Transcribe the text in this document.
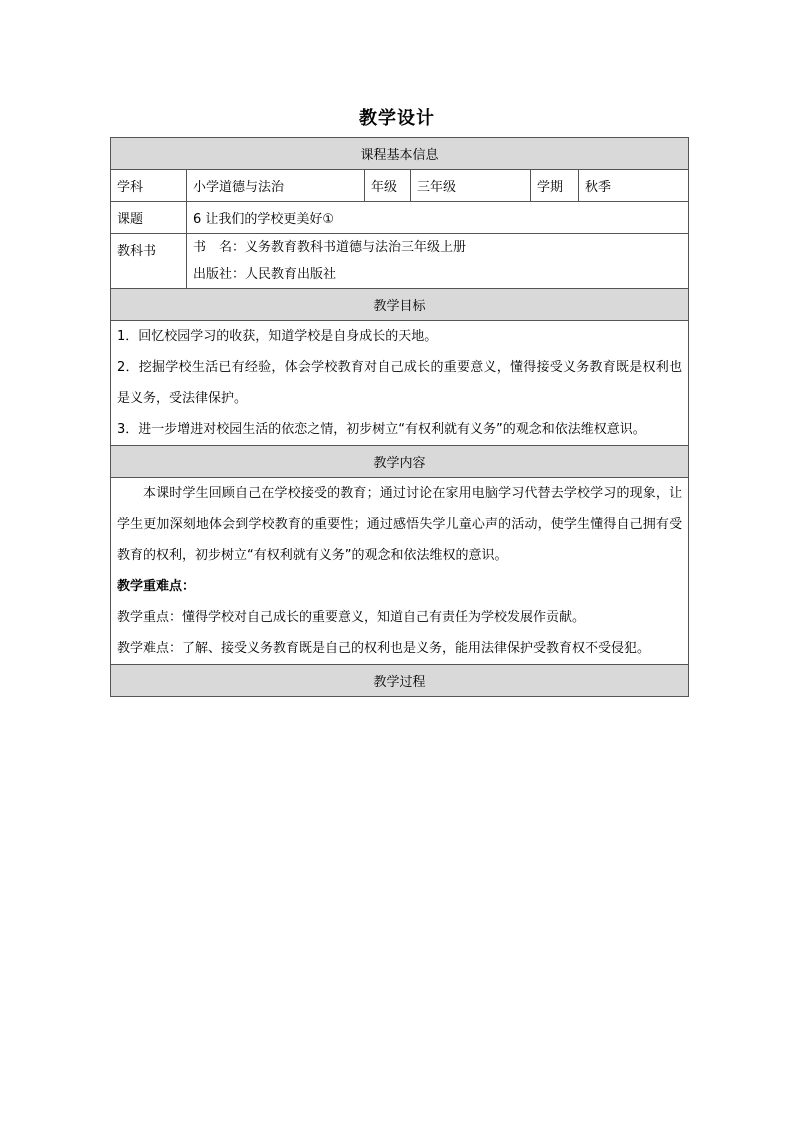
教学设计
课程基本信息					
学科	小学道德与法治	年级	三年级	学期	秋季
课题	6 让我们的学校更美好①				
教科书	书　名：义务教育教科书道德与法治三年级上册
出版社：人民教育出版社				

教学目标					

1．回忆校园学习的收获，知道学校是自身成长的天地。
2．挖掘学校生活已有经验，体会学校教育对自己成长的重要意义，懂得接受义务教育既是权利也是义务，受法律保护。
3．进一步增进对校园生活的依恋之情，初步树立“有权利就有义务”的观念和依法维权意识。					

教学内容					

本课时学生回顾自己在学校接受的教育；通过讨论在家用电脑学习代替去学校学习的现象，让学生更加深刻地体会到学校教育的重要性；通过感悟失学儿童心声的活动，使学生懂得自己拥有受教育的权利，初步树立“有权利就有义务”的观念和依法维权的意识。
教学重难点：
教学重点：懂得学校对自己成长的重要意义，知道自己有责任为学校发展作贡献。
教学难点：了解、接受义务教育既是自己的权利也是义务，能用法律保护受教育权不受侵犯。					

教学过程					
